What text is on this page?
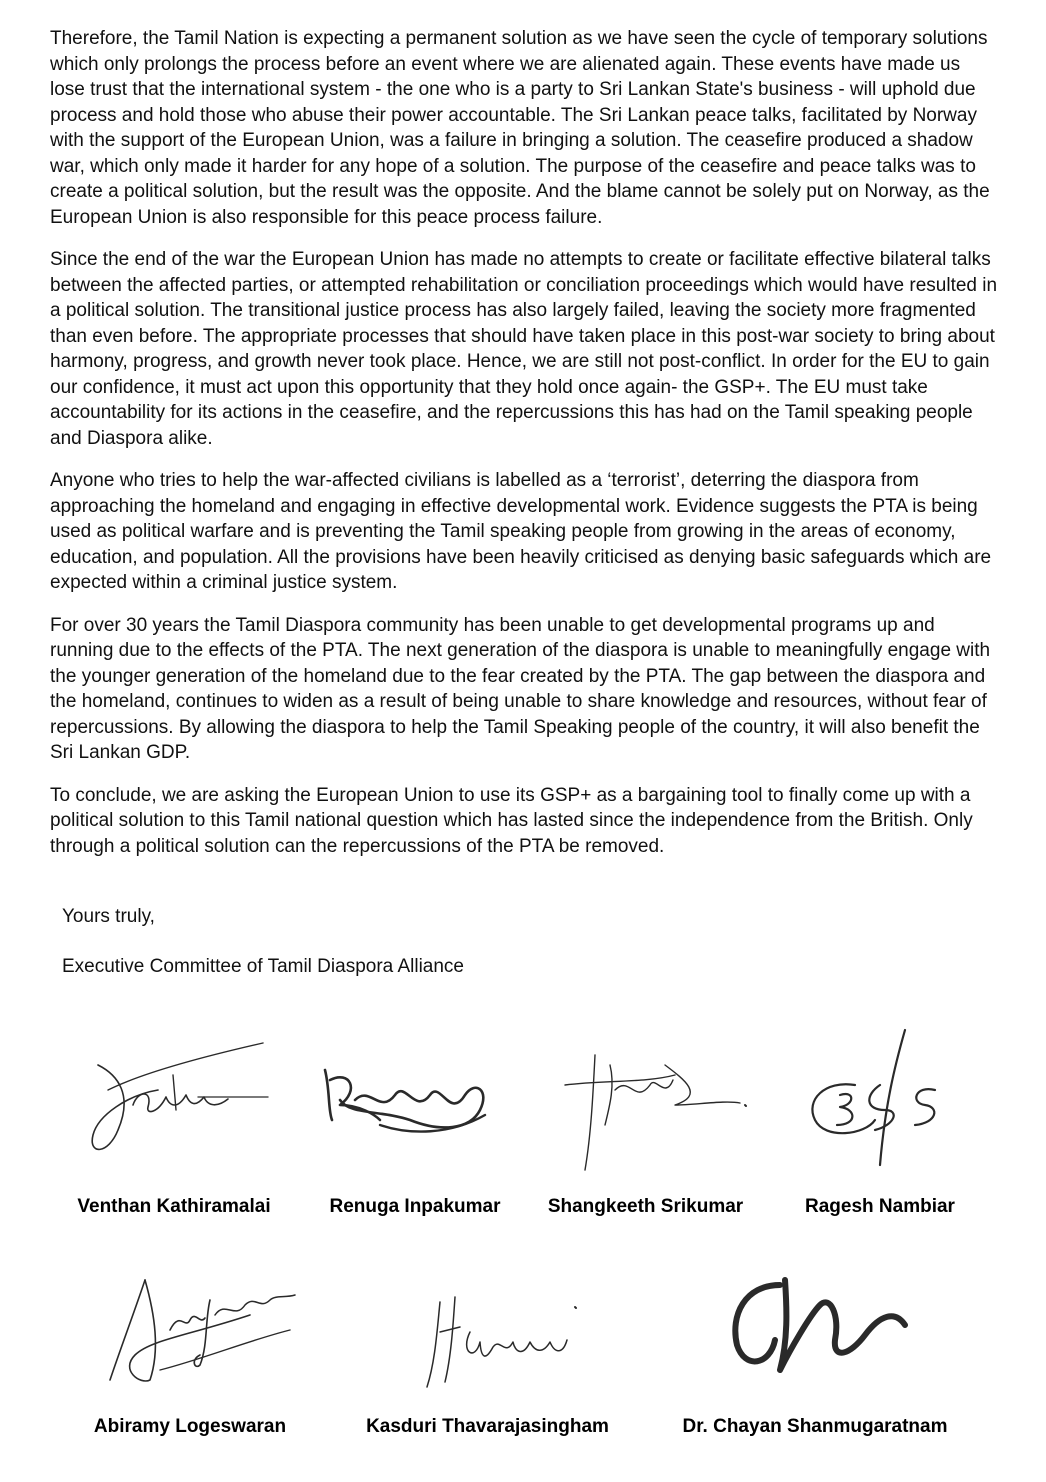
Therefore, the Tamil Nation is expecting a permanent solution as we have seen the cycle of temporary solutions which only prolongs the process before an event where we are alienated again. These events have made us lose trust that the international system - the one who is a party to Sri Lankan State's business - will uphold due process and hold those who abuse their power accountable. The Sri Lankan peace talks, facilitated by Norway with the support of the European Union, was a failure in bringing a solution. The ceasefire produced a shadow war, which only made it harder for any hope of a solution. The purpose of the ceasefire and peace talks was to create a political solution, but the result was the opposite. And the blame cannot be solely put on Norway, as the European Union is also responsible for this peace process failure.

Since the end of the war the European Union has made no attempts to create or facilitate effective bilateral talks between the affected parties, or attempted rehabilitation or conciliation proceedings which would have resulted in a political solution. The transitional justice process has also largely failed, leaving the society more fragmented than even before. The appropriate processes that should have taken place in this post-war society to bring about harmony, progress, and growth never took place. Hence, we are still not post-conflict. In order for the EU to gain our confidence, it must act upon this opportunity that they hold once again- the GSP+. The EU must take accountability for its actions in the ceasefire, and the repercussions this has had on the Tamil speaking people and Diaspora alike.

Anyone who tries to help the war-affected civilians is labelled as a ‘terrorist’, deterring the diaspora from approaching the homeland and engaging in effective developmental work. Evidence suggests the PTA is being used as political warfare and is preventing the Tamil speaking people from growing in the areas of economy, education, and population. All the provisions have been heavily criticised as denying basic safeguards which are expected within a criminal justice system.

For over 30 years the Tamil Diaspora community has been unable to get developmental programs up and running due to the effects of the PTA. The next generation of the diaspora is unable to meaningfully engage with the younger generation of the homeland due to the fear created by the PTA. The gap between the diaspora and the homeland, continues to widen as a result of being unable to share knowledge and resources, without fear of repercussions. By allowing the diaspora to help the Tamil Speaking people of the country, it will also benefit the Sri Lankan GDP.

To conclude, we are asking the European Union to use its GSP+ as a bargaining tool to finally come up with a political solution to this Tamil national question which has lasted since the independence from the British. Only through a political solution can the repercussions of the PTA be removed.

Yours truly,
Executive Committee of Tamil Diaspora Alliance
Venthan Kathiramalai	Renuga Inpakumar	Shangkeeth Srikumar	Ragesh Nambiar
Abiramy Logeswaran	Kasduri Thavarajasingham	Dr. Chayan Shanmugaratnam
